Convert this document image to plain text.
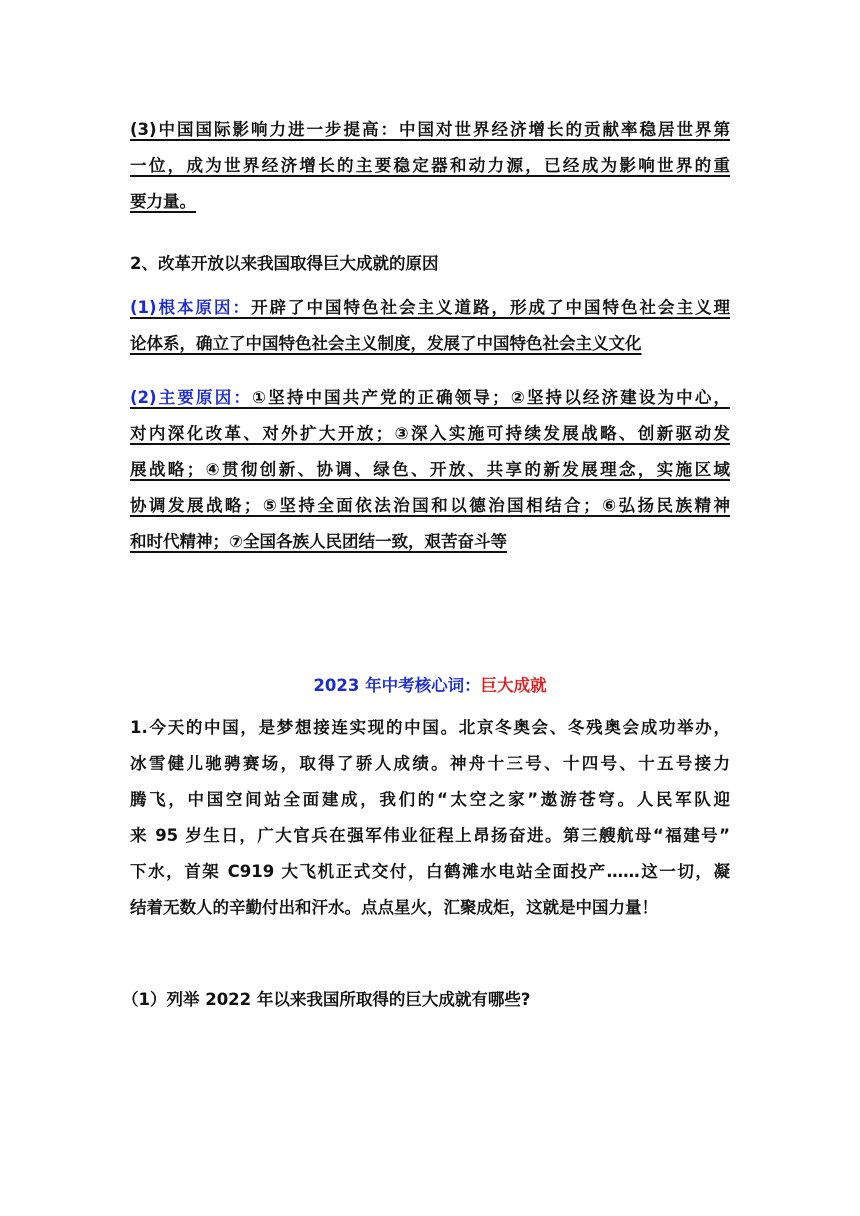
(3)中国国际影响力进一步提高：中国对世界经济增长的贡献率稳居世界第
一位，成为世界经济增长的主要稳定器和动力源，已经成为影响世界的重
要力量。
2、改革开放以来我国取得巨大成就的原因
(1)根本原因：开辟了中国特色社会主义道路，形成了中国特色社会主义理
论体系，确立了中国特色社会主义制度，发展了中国特色社会主义文化
(2)主要原因：①坚持中国共产党的正确领导；②坚持以经济建设为中心，
对内深化改革、对外扩大开放；③深入实施可持续发展战略、创新驱动发
展战略；④贯彻创新、协调、绿色、开放、共享的新发展理念，实施区域
协调发展战略；⑤坚持全面依法治国和以德治国相结合；⑥弘扬民族精神
和时代精神；⑦全国各族人民团结一致，艰苦奋斗等
2023 年中考核心词：巨大成就
1.今天的中国，是梦想接连实现的中国。北京冬奥会、冬残奥会成功举办，
冰雪健儿驰骋赛场，取得了骄人成绩。神舟十三号、十四号、十五号接力
腾飞，中国空间站全面建成，我们的“太空之家”遨游苍穹。人民军队迎
来 95 岁生日，广大官兵在强军伟业征程上昂扬奋进。第三艘航母“福建号”
下水，首架 C919 大飞机正式交付，白鹤滩水电站全面投产……这一切，凝
结着无数人的辛勤付出和汗水。点点星火，汇聚成炬，这就是中国力量！
（1）列举 2022 年以来我国所取得的巨大成就有哪些?
